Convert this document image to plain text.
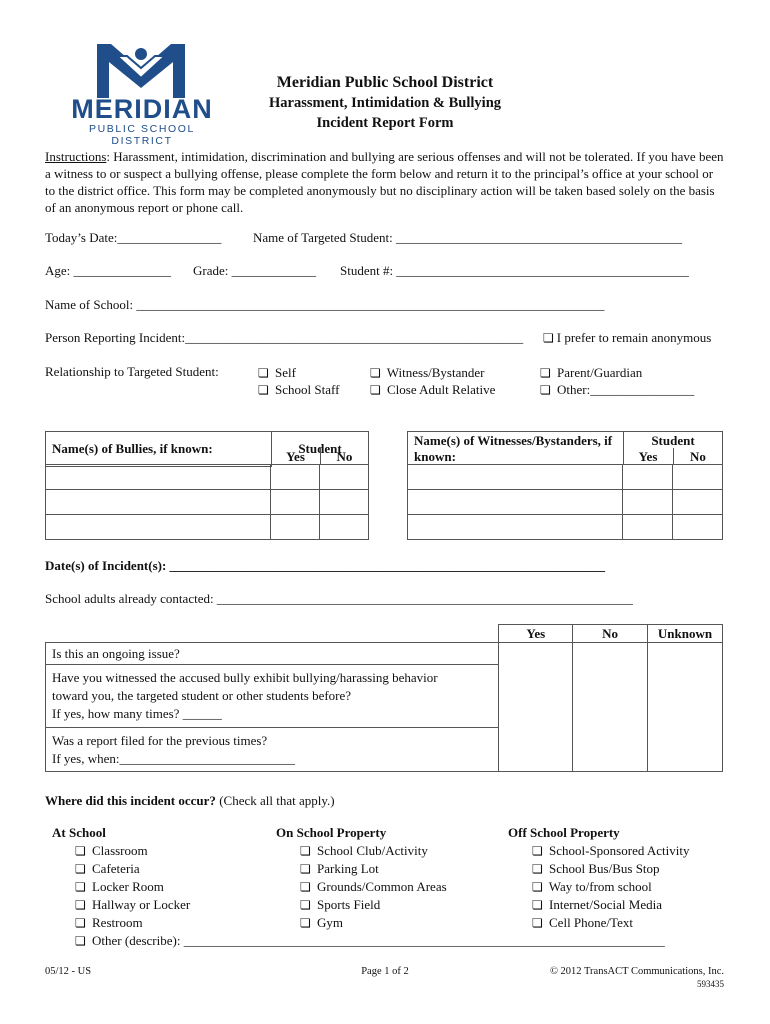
MERIDIAN
PUBLIC SCHOOL DISTRICT
Meridian Public School District
Harassment, Intimidation & Bullying
Incident Report Form
Instructions: Harassment, intimidation, discrimination and bullying are serious offenses and will not be tolerated. If you have been a witness to or suspect a bullying offense, please complete the form below and return it to the principal’s office at your school or to the district office. This form may be completed anonymously but no disciplinary action will be taken based solely on the basis of an anonymous report or phone call.
Today’s Date:________________ Name of Targeted Student: ____________________________________________
Age: _______________ Grade: _____________ Student #: _____________________________________________
Name of School: ________________________________________________________________________
Person Reporting Incident:____________________________________________________ ❏ I prefer to remain anonymous
Relationship to Targeted Student:	❏ Self
❏ School Staff
❏ Witness/Bystander
❏ Close Adult Relative
❏ Parent/Guardian
❏ Other:________________
Name(s) of Bullies, if known:	Student

Yes	No

Name(s) of Witnesses/Bystanders, if known:
Student
Yes	No

Date(s) of Incident(s): ___________________________________________________________________
School adults already contacted: ________________________________________________________________
	Yes	No	Unknown
Is this an ongoing issue?			

Have you witnessed the accused bully exhibit bullying/harassing behavior
toward you, the targeted student or other students before?
If yes, how many times? ______			

Was a report filed for the previous times?
If yes, when:___________________________			
Where did this incident occur? (Check all that apply.)
At School
❏ Classroom
❏ Cafeteria
❏ Locker Room
❏ Hallway or Locker
❏ Restroom
❏ Other (describe): __________________________________________________________________________
On School Property
❏ School Club/Activity
❏ Parking Lot
❏ Grounds/Common Areas
❏ Sports Field
❏ Gym
Off School Property
❏ School-Sponsored Activity
❏ School Bus/Bus Stop
❏ Way to/from school
❏ Internet/Social Media
❏ Cell Phone/Text
05/12 - US	Page 1 of 2	© 2012 TransACT Communications, Inc.
593435
